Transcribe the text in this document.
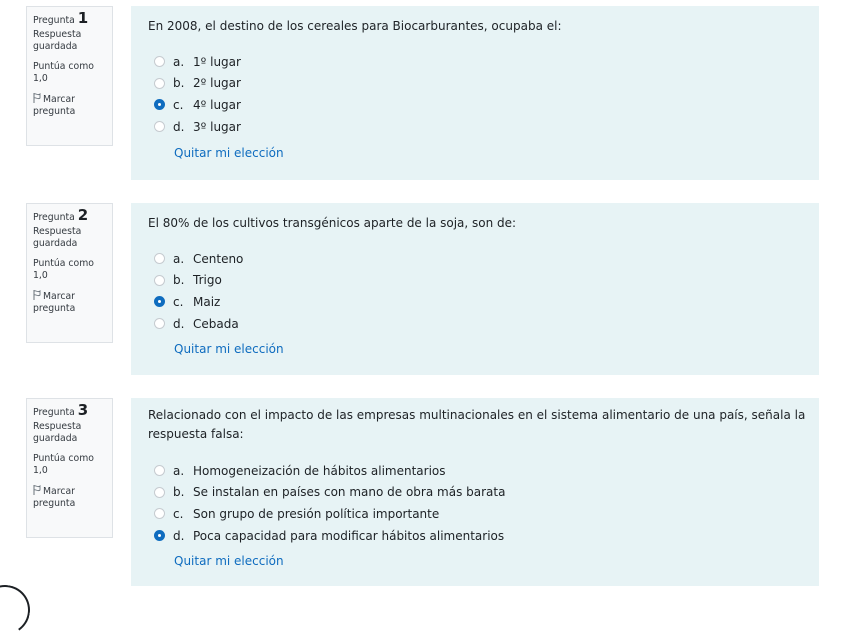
Pregunta 1
Respuesta guardada
Puntúa como 1,0
Marcar pregunta
En 2008, el destino de los cereales para Biocarburantes, ocupaba el:
a. 1º lugar
b. 2º lugar
c. 4º lugar
d. 3º lugar
Quitar mi elección
Pregunta 2
Respuesta guardada
Puntúa como 1,0
Marcar pregunta
El 80% de los cultivos transgénicos aparte de la soja, son de:
a. Centeno
b. Trigo
c. Maiz
d. Cebada
Quitar mi elección
Pregunta 3
Respuesta guardada
Puntúa como 1,0
Marcar pregunta
Relacionado con el impacto de las empresas multinacionales en el sistema alimentario de una país, señala la respuesta falsa:
a. Homogeneización de hábitos alimentarios
b. Se instalan en países con mano de obra más barata
c. Son grupo de presión política importante
d. Poca capacidad para modificar hábitos alimentarios
Quitar mi elección
